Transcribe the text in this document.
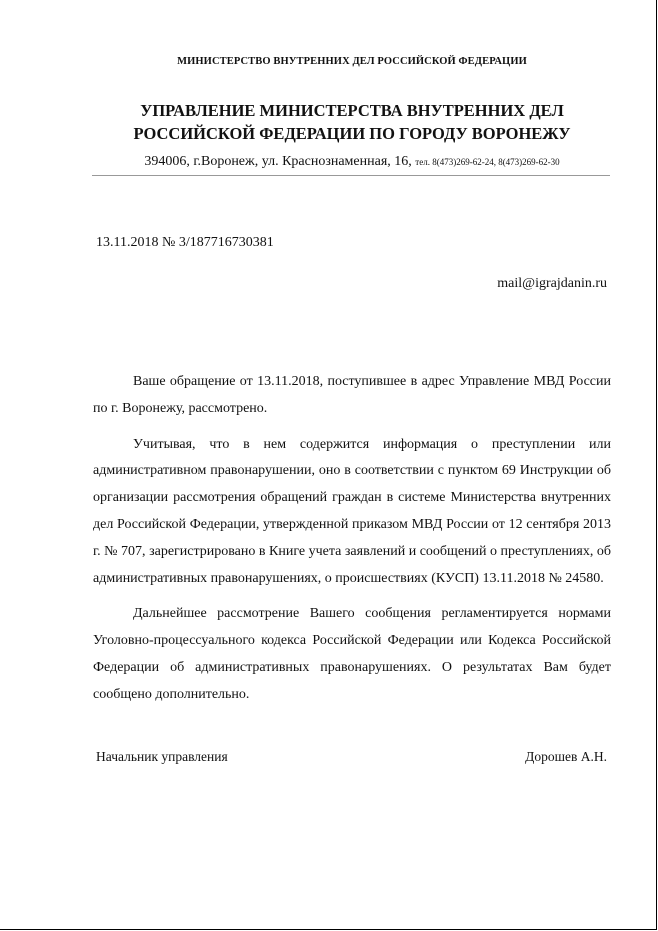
МИНИСТЕРСТВО ВНУТРЕННИХ ДЕЛ РОССИЙСКОЙ ФЕДЕРАЦИИ
УПРАВЛЕНИЕ МИНИСТЕРСТВА ВНУТРЕННИХ ДЕЛ
РОССИЙСКОЙ ФЕДЕРАЦИИ ПО ГОРОДУ ВОРОНЕЖУ
394006, г.Воронеж, ул. Краснознаменная, 16, тел. 8(473)269-62-24, 8(473)269-62-30
13.11.2018 № 3/187716730381
mail@igrajdanin.ru

Ваше обращение от 13.11.2018, поступившее в адрес Управление МВД России по г. Воронежу, рассмотрено.

Учитывая, что в нем содержится информация о преступлении или административном правонарушении, оно в соответствии с пунктом 69 Инструкции об организации рассмотрения обращений граждан в системе Министерства внутренних дел Российской Федерации, утвержденной приказом МВД России от 12 сентября 2013 г. № 707, зарегистрировано в Книге учета заявлений и сообщений о преступлениях, об административных правонарушениях, о происшествиях (КУСП) 13.11.2018 № 24580.

Дальнейшее рассмотрение Вашего сообщения регламентируется нормами Уголовно-процессуального кодекса Российской Федерации или Кодекса Российской Федерации об административных правонарушениях. О результатах Вам будет сообщено дополнительно.

Начальник управления	Дорошев А.Н.
